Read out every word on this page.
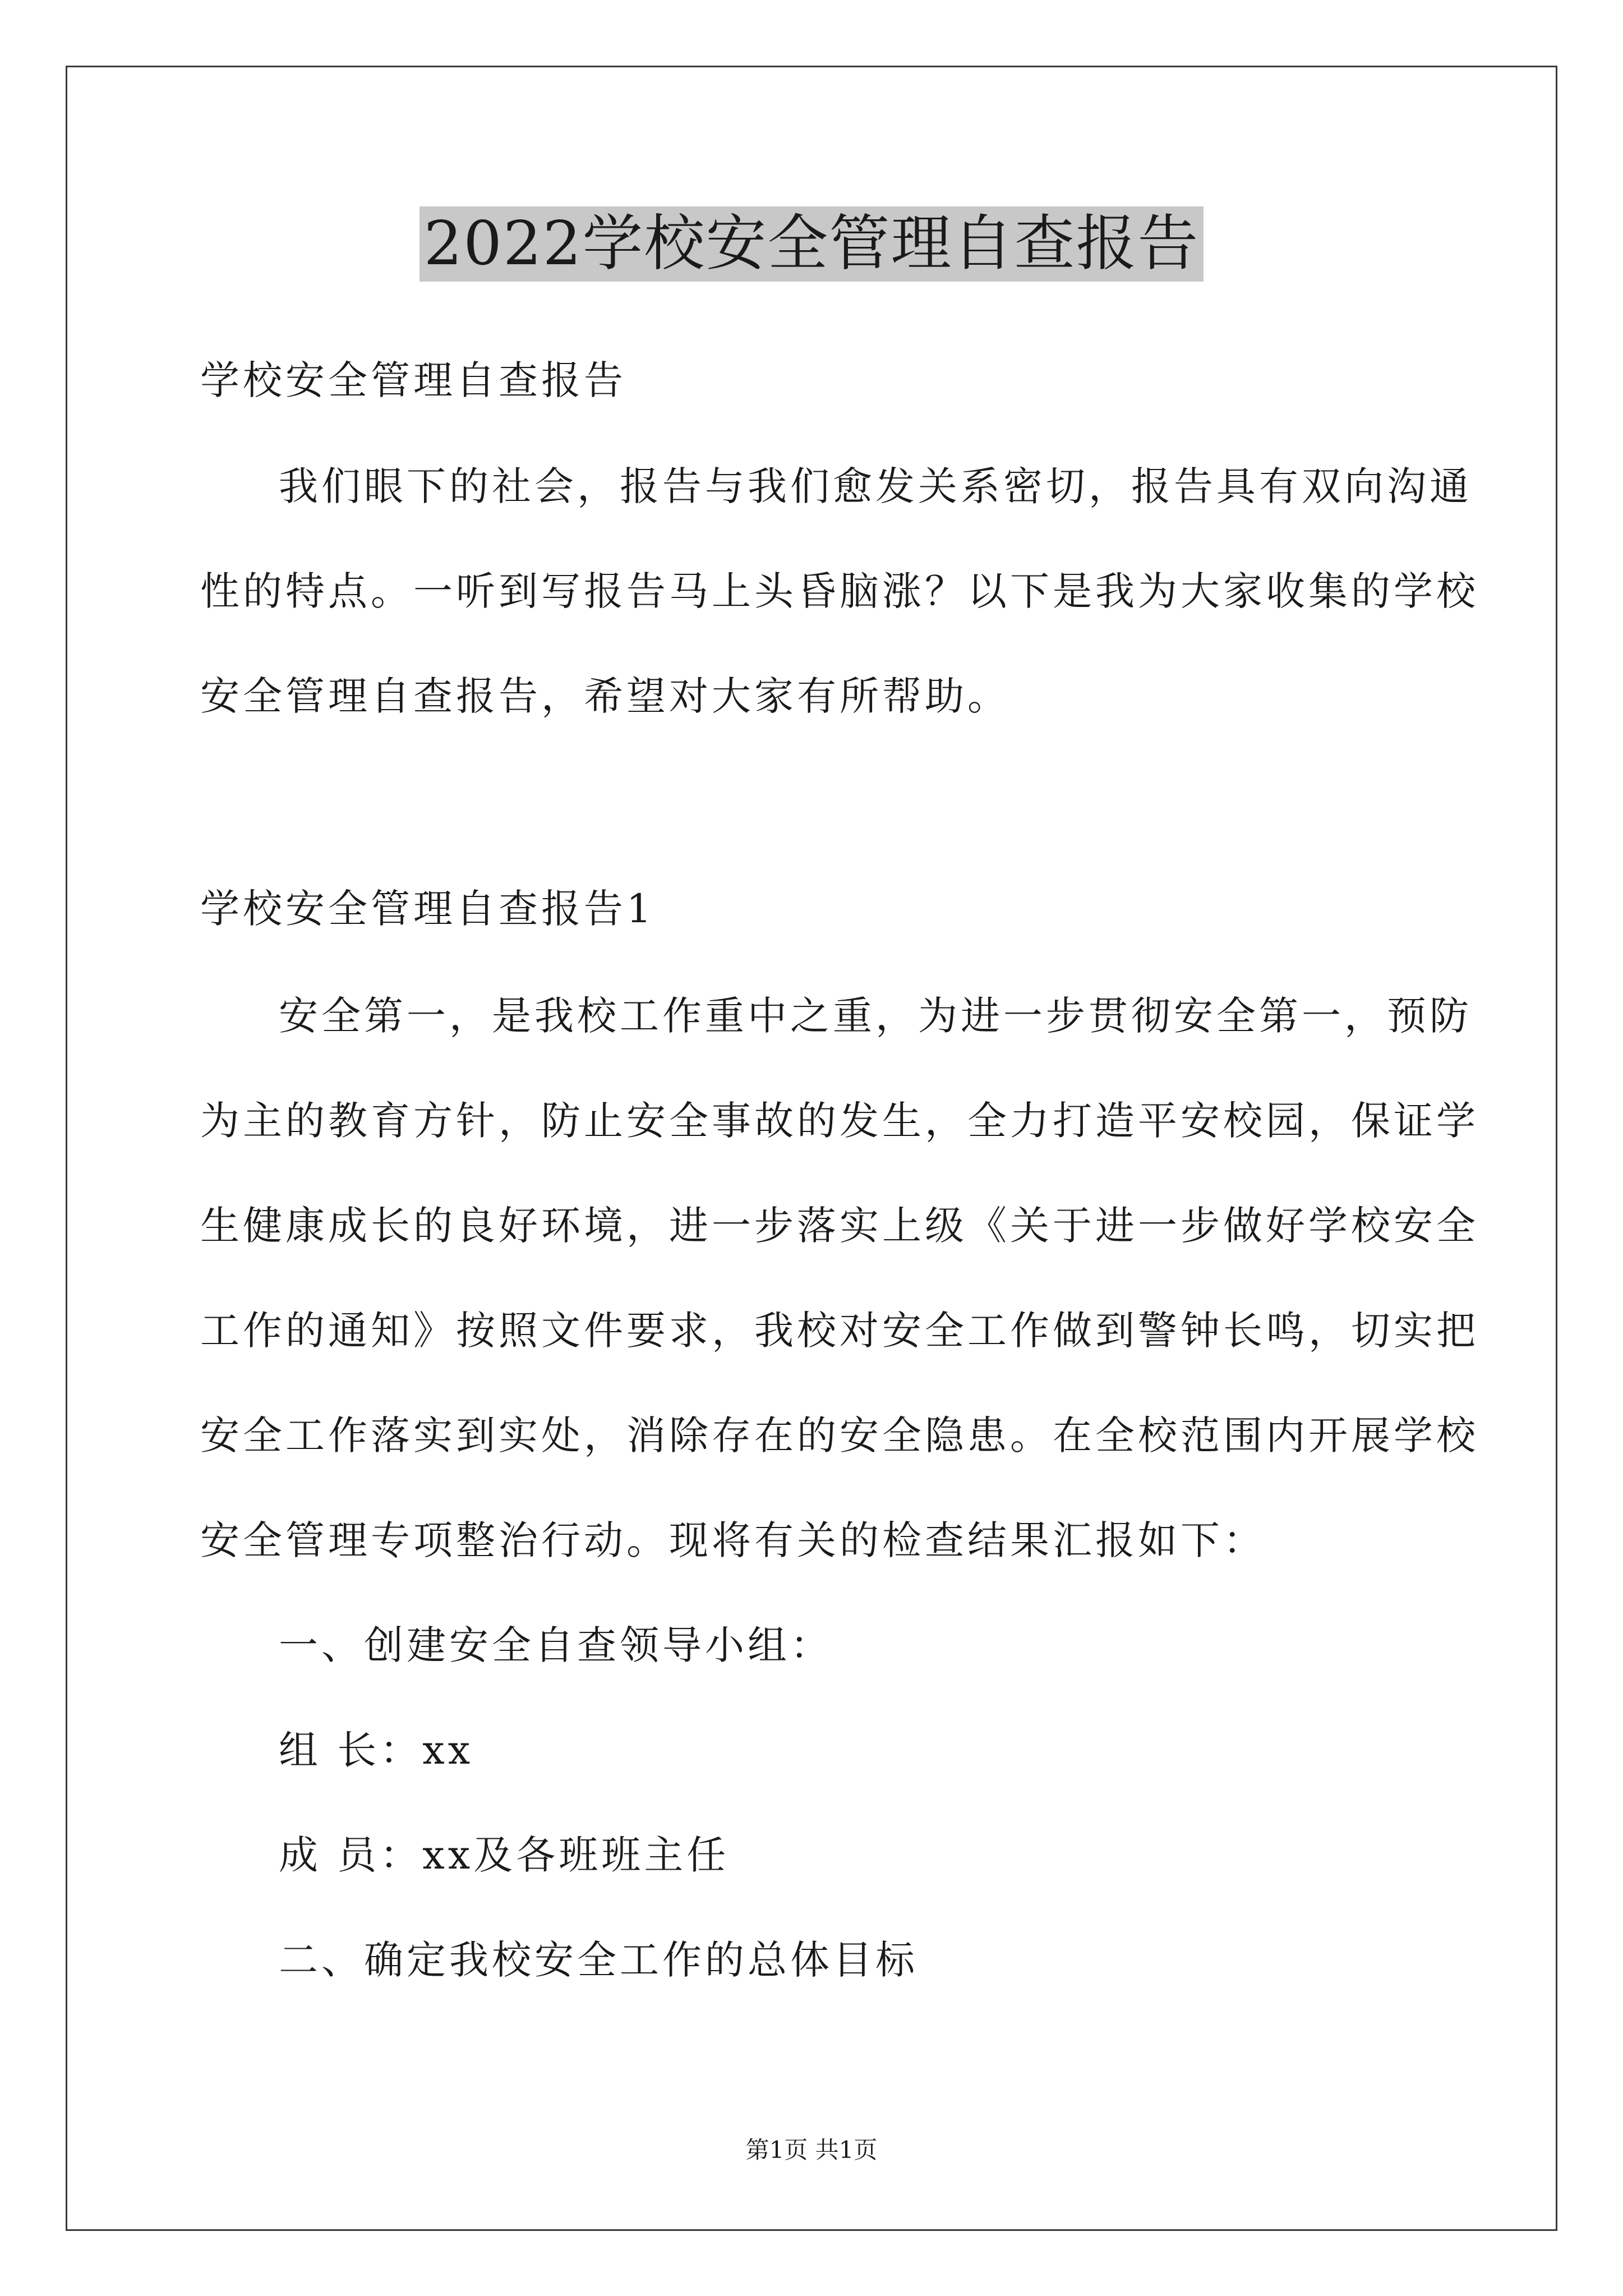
2022学校安全管理自查报告
学校安全管理自查报告
我们眼下的社会，报告与我们愈发关系密切，报告具有双向沟通
性的特点。一听到写报告马上头昏脑涨？以下是我为大家收集的学校
安全管理自查报告，希望对大家有所帮助。
学校安全管理自查报告1
安全第一，是我校工作重中之重，为进一步贯彻安全第一，预防
为主的教育方针，防止安全事故的发生，全力打造平安校园，保证学
生健康成长的良好环境，进一步落实上级《关于进一步做好学校安全
工作的通知》按照文件要求，我校对安全工作做到警钟长鸣，切实把
安全工作落实到实处，消除存在的安全隐患。在全校范围内开展学校
安全管理专项整治行动。现将有关的检查结果汇报如下：
一、创建安全自查领导小组：
组 长：xx
成 员：xx及各班班主任
二、确定我校安全工作的总体目标
第1页 共1页
